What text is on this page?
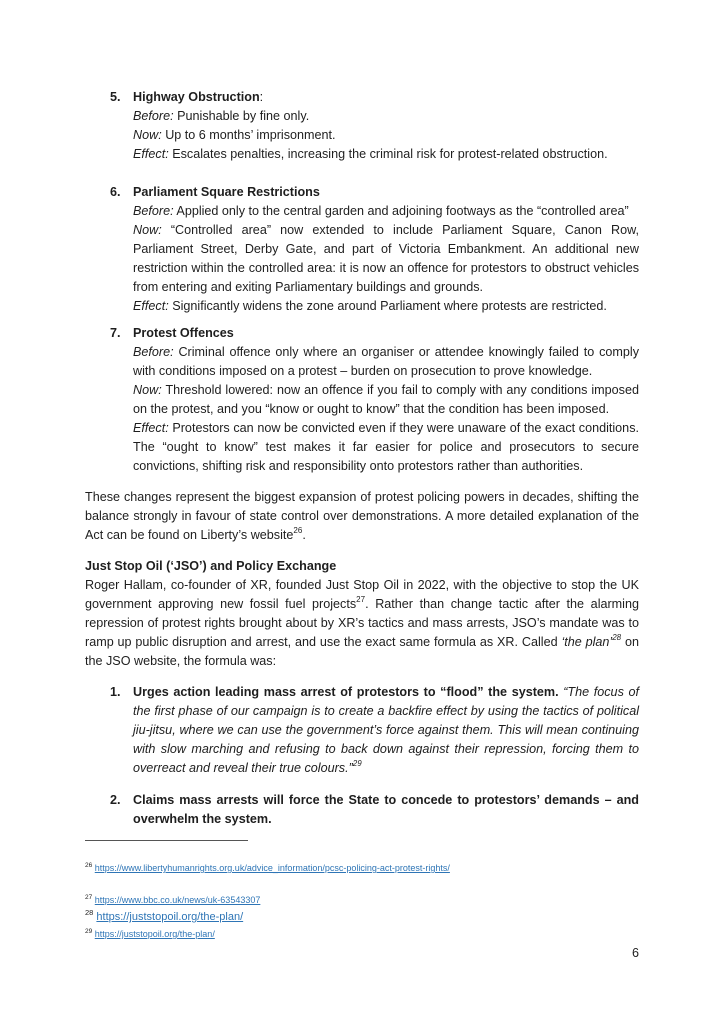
5. Highway Obstruction:

Before: Punishable by fine only.

Now: Up to 6 months’ imprisonment.

Effect: Escalates penalties, increasing the criminal risk for protest-related obstruction.

6. Parliament Square Restrictions

Before: Applied only to the central garden and adjoining footways as the “controlled area”

Now: “Controlled area” now extended to include Parliament Square, Canon Row, Parliament Street, Derby Gate, and part of Victoria Embankment. An additional new restriction within the controlled area: it is now an offence for protestors to obstruct vehicles from entering and exiting Parliamentary buildings and grounds.

Effect: Significantly widens the zone around Parliament where protests are restricted.

7. Protest Offences

Before: Criminal offence only where an organiser or attendee knowingly failed to comply with conditions imposed on a protest – burden on prosecution to prove knowledge.

Now: Threshold lowered: now an offence if you fail to comply with any conditions imposed on the protest, and you “know or ought to know” that the condition has been imposed.

Effect: Protestors can now be convicted even if they were unaware of the exact conditions. The “ought to know” test makes it far easier for police and prosecutors to secure convictions, shifting risk and responsibility onto protestors rather than authorities.

These changes represent the biggest expansion of protest policing powers in decades, shifting the balance strongly in favour of state control over demonstrations. A more detailed explanation of the Act can be found on Liberty’s website$^{26}$.

Just Stop Oil (‘JSO’) and Policy Exchange

Roger Hallam, co-founder of XR, founded Just Stop Oil in 2022, with the objective to stop the UK government approving new fossil fuel projects$^{27}$. Rather than change tactic after the alarming repression of protest rights brought about by XR’s tactics and mass arrests, JSO’s mandate was to ramp up public disruption and arrest, and use the exact same formula as XR. Called ‘the plan’$^{28}$ on the JSO website, the formula was:

1. Urges action leading mass arrest of protestors to “flood” the system. “The focus of the first phase of our campaign is to create a backfire effect by using the tactics of political jiu-jitsu, where we can use the government’s force against them. This will mean continuing with slow marching and refusing to back down against their repression, forcing them to overreact and reveal their true colours.”$^{29}$

2. Claims mass arrests will force the State to concede to protestors’ demands – and overwhelm the system.

$^{26}$ https://www.libertyhumanrights.org.uk/advice_information/pcsc-policing-act-protest-rights/

$^{27}$ https://www.bbc.co.uk/news/uk-63543307

$^{28}$ https://juststopoil.org/the-plan/

$^{29}$ https://juststopoil.org/the-plan/

6
